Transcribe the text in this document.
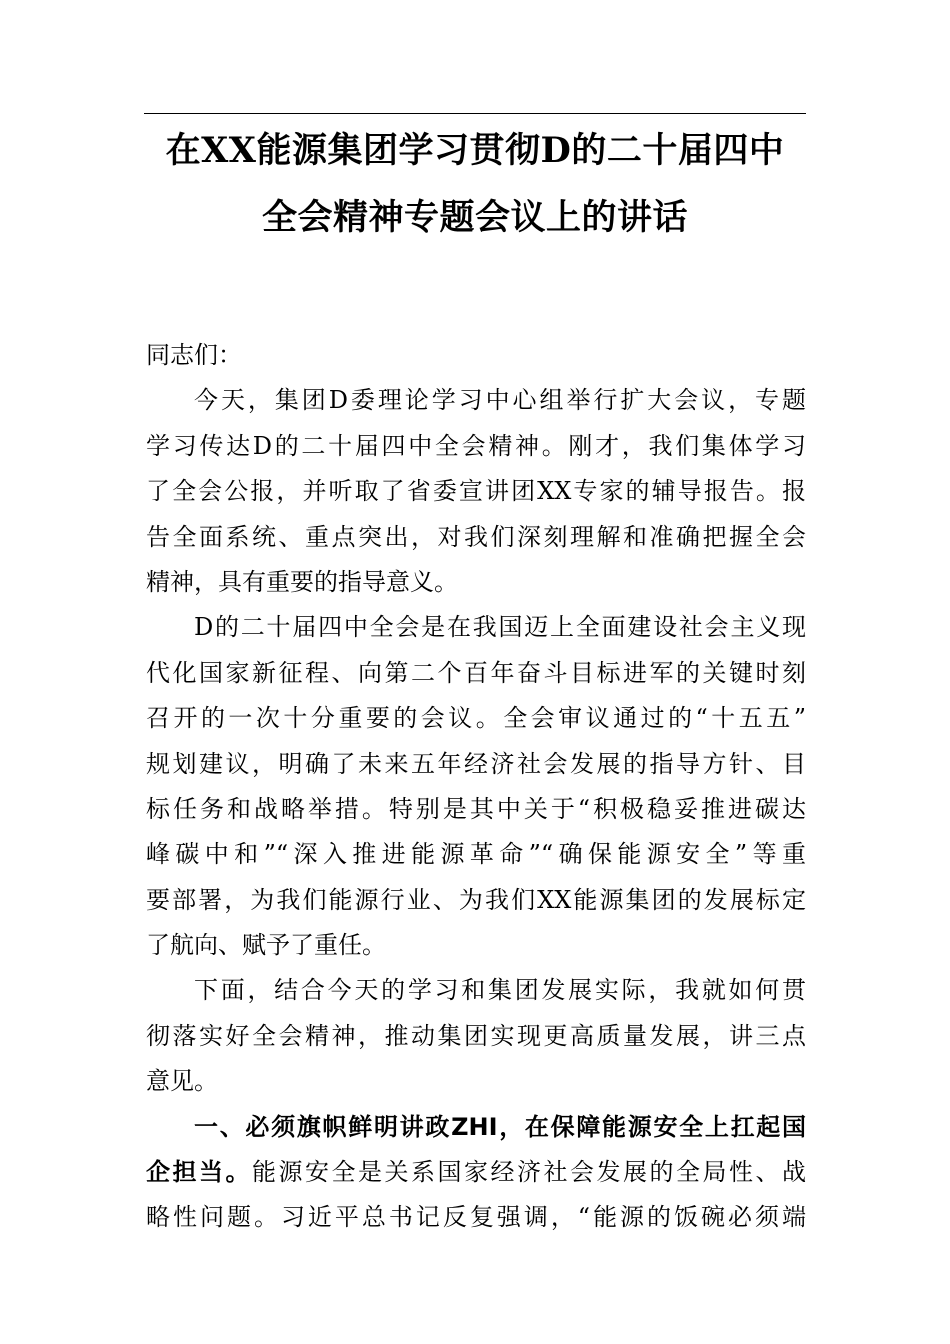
在XX能源集团学习贯彻D的二十届四中
全会精神专题会议上的讲话
同志们：
今天，集团D委理论学习中心组举行扩大会议，专题
学习传达D的二十届四中全会精神。刚才，我们集体学习
了全会公报，并听取了省委宣讲团XX专家的辅导报告。报
告全面系统、重点突出，对我们深刻理解和准确把握全会
精神，具有重要的指导意义。
D的二十届四中全会是在我国迈上全面建设社会主义现
代化国家新征程、向第二个百年奋斗目标进军的关键时刻
召开的一次十分重要的会议。全会审议通过的“十五五”
规划建议，明确了未来五年经济社会发展的指导方针、目
标任务和战略举措。特别是其中关于“积极稳妥推进碳达
峰碳中和”“深入推进能源革命”“确保能源安全”等重
要部署，为我们能源行业、为我们XX能源集团的发展标定
了航向、赋予了重任。
下面，结合今天的学习和集团发展实际，我就如何贯
彻落实好全会精神，推动集团实现更高质量发展，讲三点
意见。
一、必须旗帜鲜明讲政ZHI，在保障能源安全上扛起国
企担当。能源安全是关系国家经济社会发展的全局性、战
略性问题。习近平总书记反复强调，“能源的饭碗必须端
